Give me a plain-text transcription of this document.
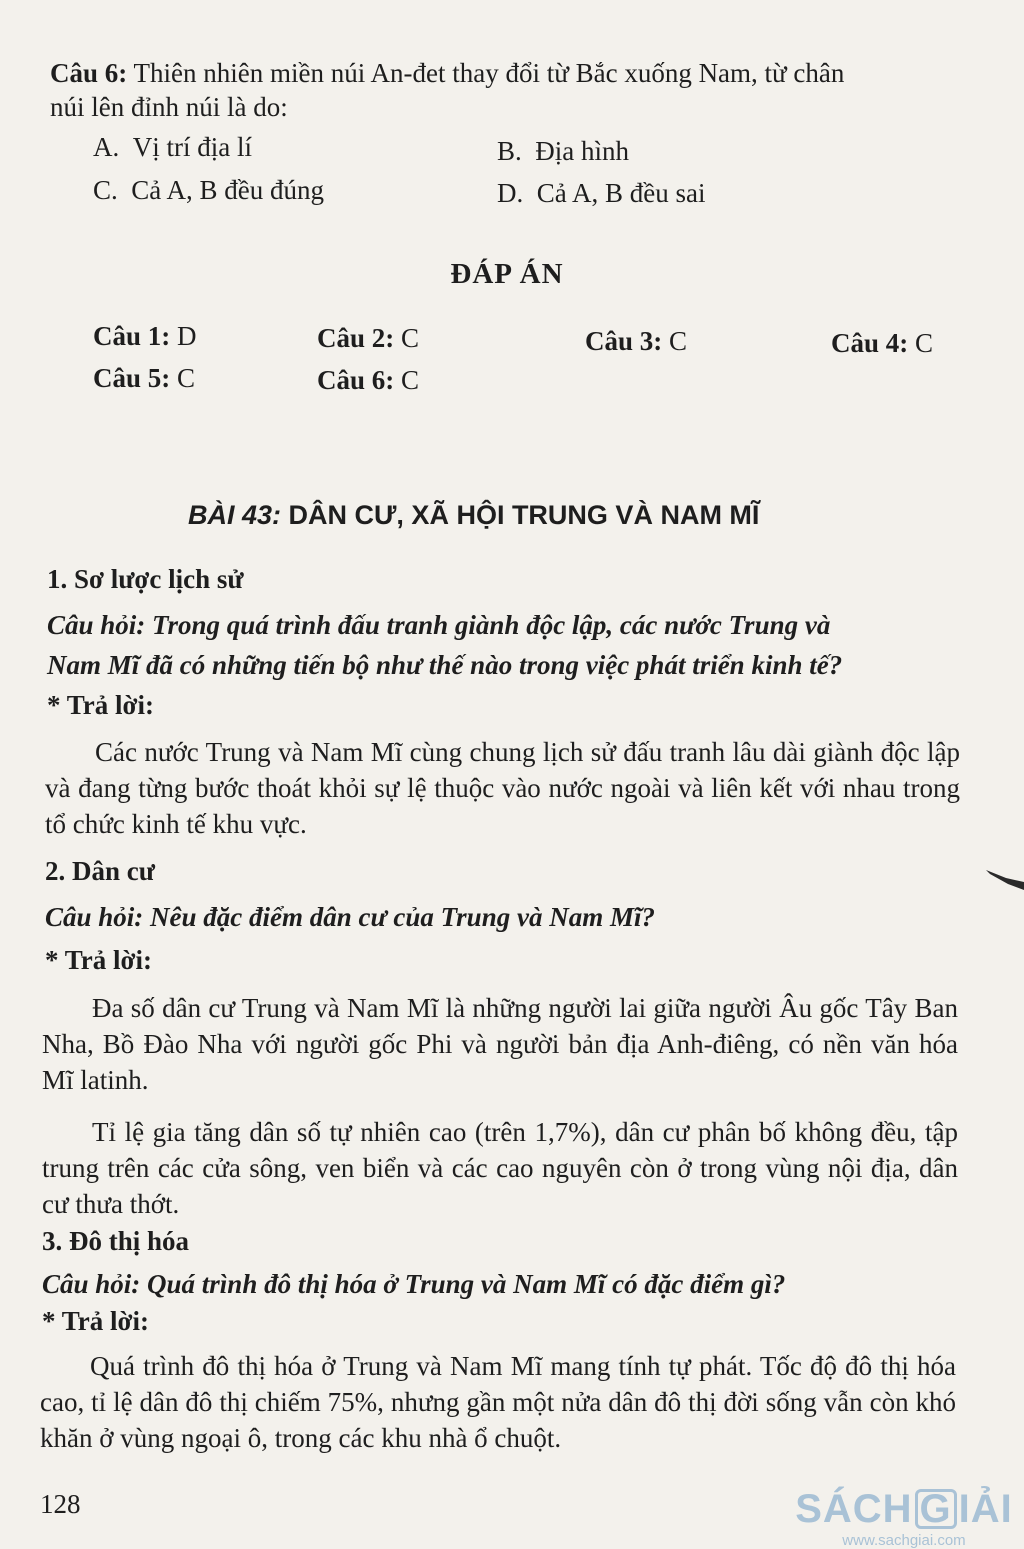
Câu 6: Thiên nhiên miền núi An-đet thay đổi từ Bắc xuống Nam, từ chân
núi lên đỉnh núi là do:
A. Vị trí địa lí	B. Địa hình
C. Cả A, B đều đúng	D. Cả A, B đều sai
ĐÁP ÁN
Câu 1: D	Câu 2: C	Câu 3: C	Câu 4: C
Câu 5: C	Câu 6: C
BÀI 43: DÂN CƯ, XÃ HỘI TRUNG VÀ NAM MĨ
1. Sơ lược lịch sử
Câu hỏi: Trong quá trình đấu tranh giành độc lập, các nước Trung và
Nam Mĩ đã có những tiến bộ như thế nào trong việc phát triển kinh tế?
* Trả lời:
Các nước Trung và Nam Mĩ cùng chung lịch sử đấu tranh lâu dài giành độc lập và đang từng bước thoát khỏi sự lệ thuộc vào nước ngoài và liên kết với nhau trong tổ chức kinh tế khu vực.
2. Dân cư
Câu hỏi: Nêu đặc điểm dân cư của Trung và Nam Mĩ?
* Trả lời:
Đa số dân cư Trung và Nam Mĩ là những người lai giữa người Âu gốc Tây Ban Nha, Bồ Đào Nha với người gốc Phi và người bản địa Anh-điêng, có nền văn hóa Mĩ latinh.
Tỉ lệ gia tăng dân số tự nhiên cao (trên 1,7%), dân cư phân bố không đều, tập trung trên các cửa sông, ven biển và các cao nguyên còn ở trong vùng nội địa, dân cư thưa thớt.
3. Đô thị hóa
Câu hỏi: Quá trình đô thị hóa ở Trung và Nam Mĩ có đặc điểm gì?
* Trả lời:
Quá trình đô thị hóa ở Trung và Nam Mĩ mang tính tự phát. Tốc độ đô thị hóa cao, tỉ lệ dân đô thị chiếm 75%, nhưng gần một nửa dân đô thị đời sống vẫn còn khó khăn ở vùng ngoại ô, trong các khu nhà ổ chuột.
128	SÁCH G IẢI
www.sachgiai.com
